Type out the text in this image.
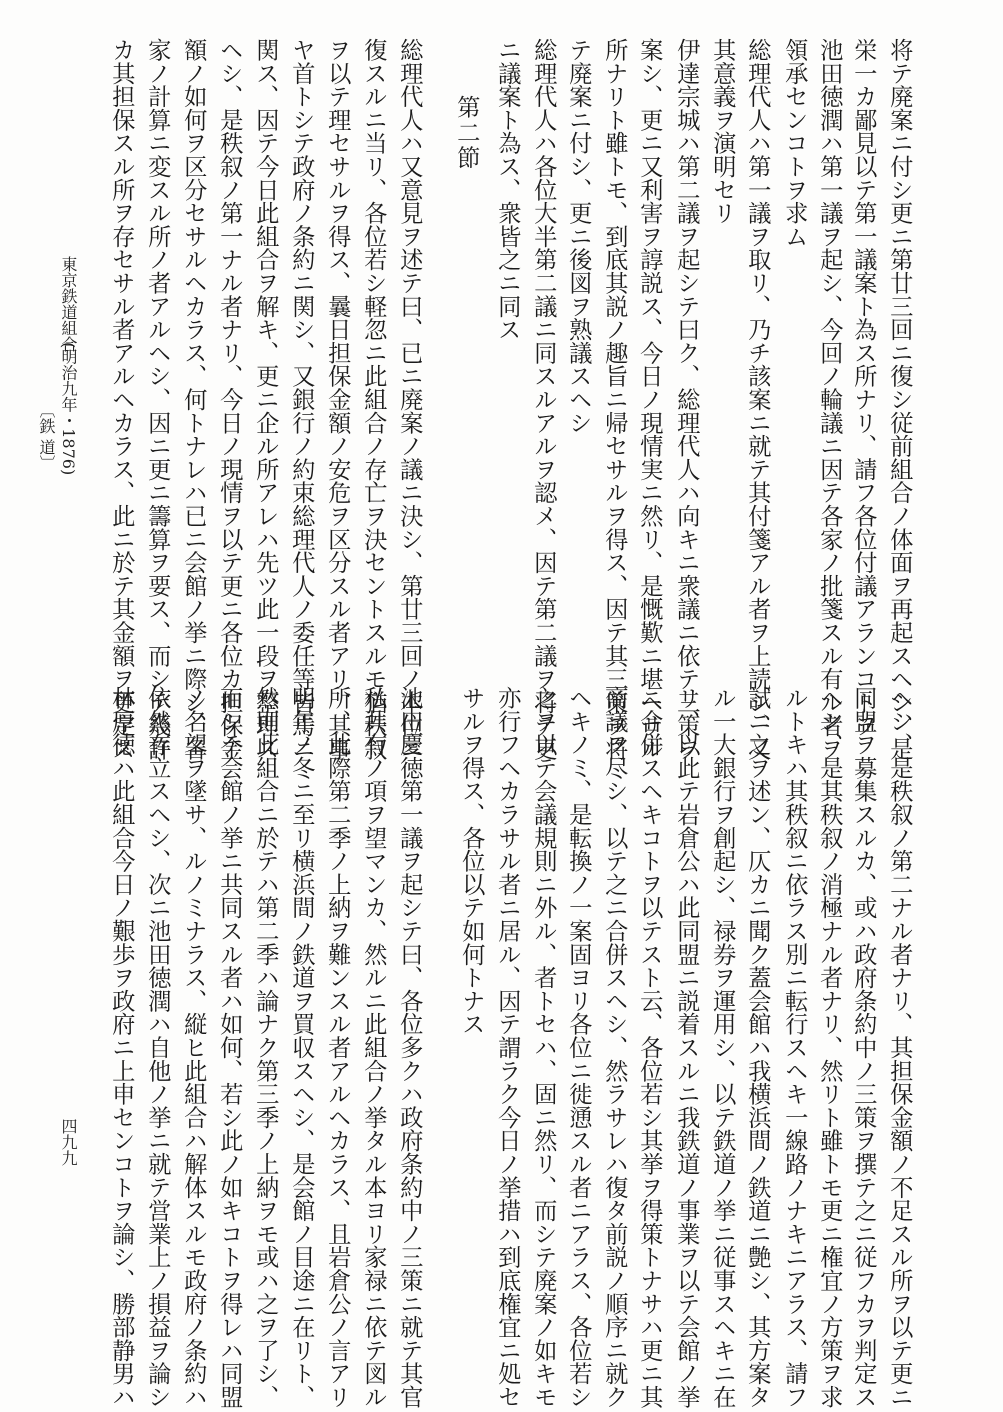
将テ廃案ニ付シ更ニ第廿三回ニ復シ従前組合ノ体面ヲ再起スヘシ、是
栄一カ鄙見以テ第一議案ト為ス所ナリ、請フ各位付議アランコトヲ
池田徳潤ハ第一議ヲ起シ、今回ノ輪議ニ因テ各家ノ批箋スル有ル者ヲ
領承センコトヲ求ム
総理代人ハ第一議ヲ取リ、乃チ該案ニ就テ其付箋アル者ヲ上読シ、又
其意義ヲ演明セリ
伊達宗城ハ第二議ヲ起シテ曰ク、総理代人ハ向キニ衆議ニ依テ三策ヲ
案シ、更ニ又利害ヲ諄説ス、今日ノ現情実ニ然リ、是慨歎ニ堪ヘサル
所ナリト雖トモ、到底其説ノ趣旨ニ帰セサルヲ得ス、因テ其三策ヲ将
テ廃案ニ付シ、更ニ後図ヲ熟議スヘシ
総理代人ハ各位大半第二議ニ同スルアルヲ認メ、因テ第二議ヲ将テ更
ニ議案ト為ス、衆皆之ニ同ス
第二節
総理代人ハ又意見ヲ述テ曰、已ニ廃案ノ議ニ決シ、第廿三回ノ本位ニ
復スルニ当リ、各位若シ軽忽ニ此組合ノ存亡ヲ決セントスルモ猶秩叙
ヲ以テ理セサルヲ得ス、曩日担保金額ノ安危ヲ区分スル者アリ、其事
ヤ首トシテ政府ノ条約ニ関シ、又銀行ノ約束総理代人ノ委任等皆焉ニ
関ス、因テ今日此組合ヲ解キ、更ニ企ル所アレハ先ツ此一段ヲ整理ス
ヘシ、是秩叙ノ第一ナル者ナリ、今日ノ現情ヲ以テ更ニ各位カ担保金
額ノ如何ヲ区分セサルヘカラス、何トナレハ已ニ会館ノ挙ニ際シ、各
家ノ計算ニ変スル所ノ者アルヘシ、因ニ更ニ籌算ヲ要ス、而シテ幾許
カ其担保スル所ヲ存セサル者アルヘカラス、此ニ於テ其金額ヲ更定ス
〔鉄 道〕
東京鉄道組合
(明治九年・1876)
ヘシ、是秩叙ノ第二ナル者ナリ、其担保金額ノ不足スル所ヲ以テ更ニ
同盟ヲ募集スルカ、或ハ政府条約中ノ三策ヲ撰テ之ニ従フカヲ判定ス
ヘシ、是其秩叙ノ消極ナル者ナリ、然リト雖トモ更ニ権宜ノ方策ヲ求
ルトキハ其秩叙ニ依ラス別ニ転行スヘキ一線路ノナキニアラス、請フ
試ニ之ヲ述ン、仄カニ聞ク蓋会館ハ我横浜間ノ鉄道ニ艶シ、其方案タ
ル一大銀行ヲ創起シ、禄券ヲ運用シ、以テ鉄道ノ挙ニ従事スヘキニ在
リ、以此テ岩倉公ハ此同盟ニ説着スルニ我鉄道ノ事業ヲ以テ会館ノ挙
ニ合併スヘキコトヲ以テスト云、各位若シ其挙ヲ得策トナサハ更ニ其
商議ヲ尽シ、以テ之ニ合併スヘシ、然ラサレハ復タ前説ノ順序ニ就ク
ヘキノミ、是転換ノ一案固ヨリ各位ニ徙慂スル者ニアラス、各位若シ
之ヲ以テ会議規則ニ外ル、者トセハ、固ニ然リ、而シテ廃案ノ如キモ
亦行フヘカラサル者ニ居ル、因テ謂ラク今日ノ挙措ハ到底権宜ニ処セ
サルヲ得ス、各位以テ如何トナス
池田慶徳第一議ヲ起シテ曰、各位多クハ政府条約中ノ三策ニ就テ其官
私共有ノ項ヲ望マンカ、然ルニ此組合ノ挙タル本ヨリ家禄ニ依テ図ル
所、此際第二季ノ上納ヲ難ンスル者アルヘカラス、且岩倉公ノ言アリ
明年ノ冬ニ至リ横浜間ノ鉄道ヲ買収スヘシ、是会館ノ目途ニ在リト、
然則此組合ニ於テハ第二季ハ論ナク第三季ノ上納ヲモ或ハ之ヲ了シ、
而シテ会館ノ挙ニ共同スル者ハ如何、若シ此ノ如キコトヲ得レハ同盟
ノ名望ヲ墜サ、ルノミナラス、縦ヒ此組合ハ解体スルモ政府ノ条約ハ
依然存立スヘシ、次ニ池田徳潤ハ自他ノ挙ニ就テ営業上ノ損益ヲ論シ
林厚徳ハ此組合今日ノ艱歩ヲ政府ニ上申センコトヲ論シ、勝部静男ハ
四九九
